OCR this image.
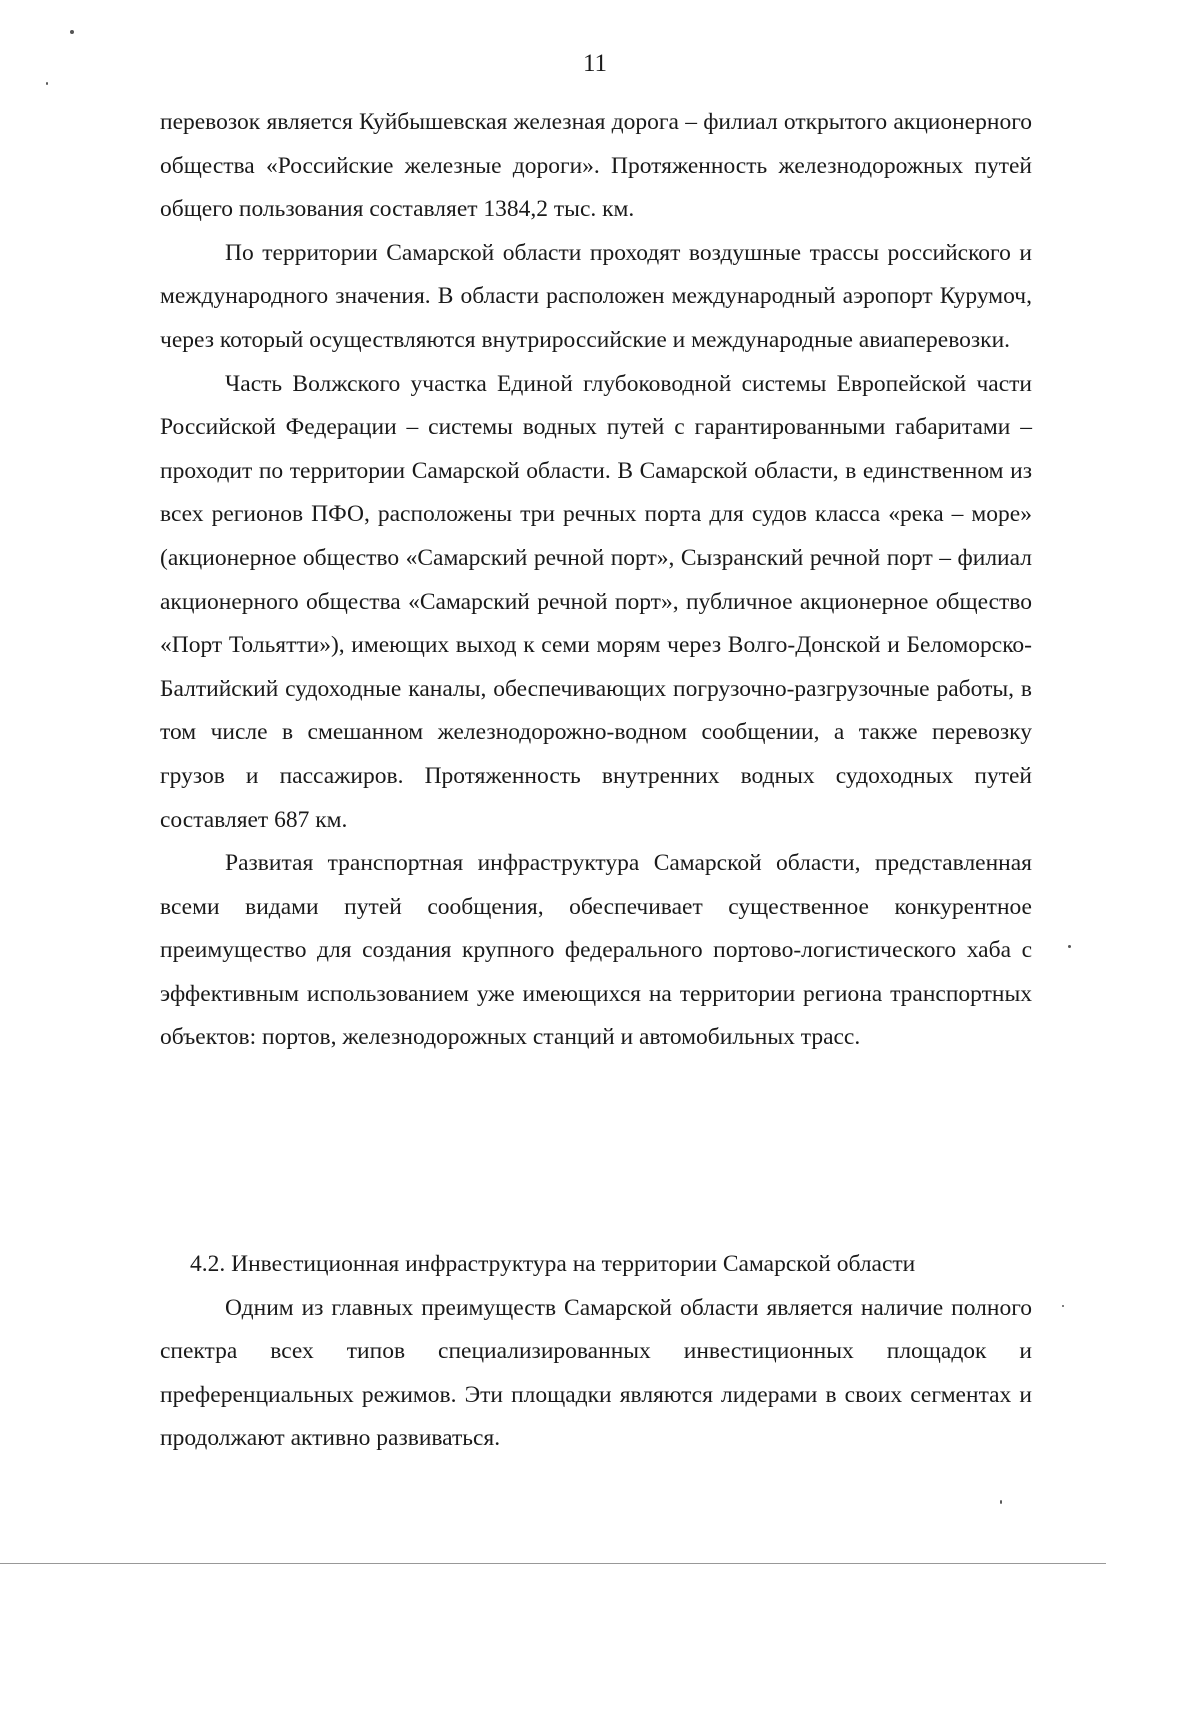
11

перевозок является Куйбышевская железная дорога – филиал открытого акционерного общества «Российские железные дороги». Протяженность железнодорожных путей общего пользования составляет 1384,2 тыс. км.

По территории Самарской области проходят воздушные трассы российского и международного значения. В области расположен международный аэропорт Курумоч, через который осуществляются внутрироссийские и международные авиаперевозки.

Часть Волжского участка Единой глубоководной системы Европейской части Российской Федерации – системы водных путей с гарантированными габаритами – проходит по территории Самарской области. В Самарской области, в единственном из всех регионов ПФО, расположены три речных порта для судов класса «река – море» (акционерное общество «Самарский речной порт», Сызранский речной порт – филиал акционерного общества «Самарский речной порт», публичное акционерное общество «Порт Тольятти»), имеющих выход к семи морям через Волго-Донской и Беломорско-Балтийский судоходные каналы, обеспечивающих погрузочно-разгрузочные работы, в том числе в смешанном железнодорожно-водном сообщении, а также перевозку грузов и пассажиров. Протяженность внутренних водных судоходных путей составляет 687 км.

Развитая транспортная инфраструктура Самарской области, представленная всеми видами путей сообщения, обеспечивает существенное конкурентное преимущество для создания крупного федерального портово-логистического хаба с эффективным использованием уже имеющихся на территории региона транспортных объектов: портов, железнодорожных станций и автомобильных трасс.

4.2. Инвестиционная инфраструктура на территории Самарской области

Одним из главных преимуществ Самарской области является наличие полного спектра всех типов специализированных инвестиционных площадок и преференциальных режимов. Эти площадки являются лидерами в своих сегментах и продолжают активно развиваться.
